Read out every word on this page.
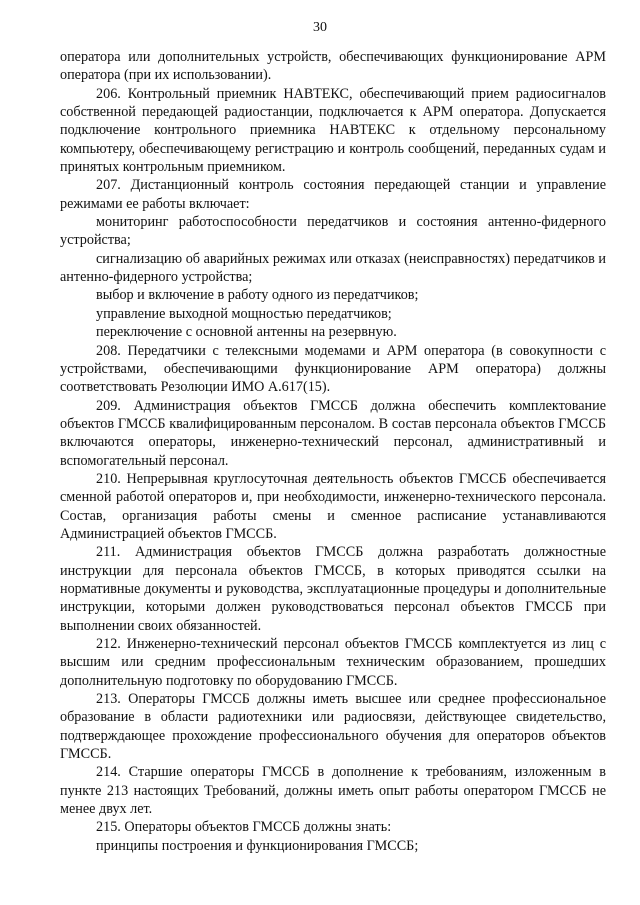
30

оператора или дополнительных устройств, обеспечивающих функционирование АРМ оператора (при их использовании).

206. Контрольный приемник НАВТЕКС, обеспечивающий прием радиосигналов собственной передающей радиостанции, подключается к АРМ оператора. Допускается подключение контрольного приемника НАВТЕКС к отдельному персональному компьютеру, обеспечивающему регистрацию и контроль сообщений, переданных судам и принятых контрольным приемником.

207. Дистанционный контроль состояния передающей станции и управление режимами ее работы включает:

мониторинг работоспособности передатчиков и состояния антенно-фидерного устройства;

сигнализацию об аварийных режимах или отказах (неисправностях) передатчиков и антенно-фидерного устройства;

выбор и включение в работу одного из передатчиков;

управление выходной мощностью передатчиков;

переключение с основной антенны на резервную.

208. Передатчики с телексными модемами и АРМ оператора (в совокупности с устройствами, обеспечивающими функционирование АРМ оператора) должны соответствовать Резолюции ИМО А.617(15).

209. Администрация объектов ГМССБ должна обеспечить комплектование объектов ГМССБ квалифицированным персоналом. В состав персонала объектов ГМССБ включаются операторы, инженерно-технический персонал, административный и вспомогательный персонал.

210. Непрерывная круглосуточная деятельность объектов ГМССБ обеспечивается сменной работой операторов и, при необходимости, инженерно-технического персонала. Состав, организация работы смены и сменное расписание устанавливаются Администрацией объектов ГМССБ.

211. Администрация объектов ГМССБ должна разработать должностные инструкции для персонала объектов ГМССБ, в которых приводятся ссылки на нормативные документы и руководства, эксплуатационные процедуры и дополнительные инструкции, которыми должен руководствоваться персонал объектов ГМССБ при выполнении своих обязанностей.

212. Инженерно-технический персонал объектов ГМССБ комплектуется из лиц с высшим или средним профессиональным техническим образованием, прошедших дополнительную подготовку по оборудованию ГМССБ.

213. Операторы ГМССБ должны иметь высшее или среднее профессиональное образование в области радиотехники или радиосвязи, действующее свидетельство, подтверждающее прохождение профессионального обучения для операторов объектов ГМССБ.

214. Старшие операторы ГМССБ в дополнение к требованиям, изложенным в пункте 213 настоящих Требований, должны иметь опыт работы оператором ГМССБ не менее двух лет.

215. Операторы объектов ГМССБ должны знать:

принципы построения и функционирования ГМССБ;
